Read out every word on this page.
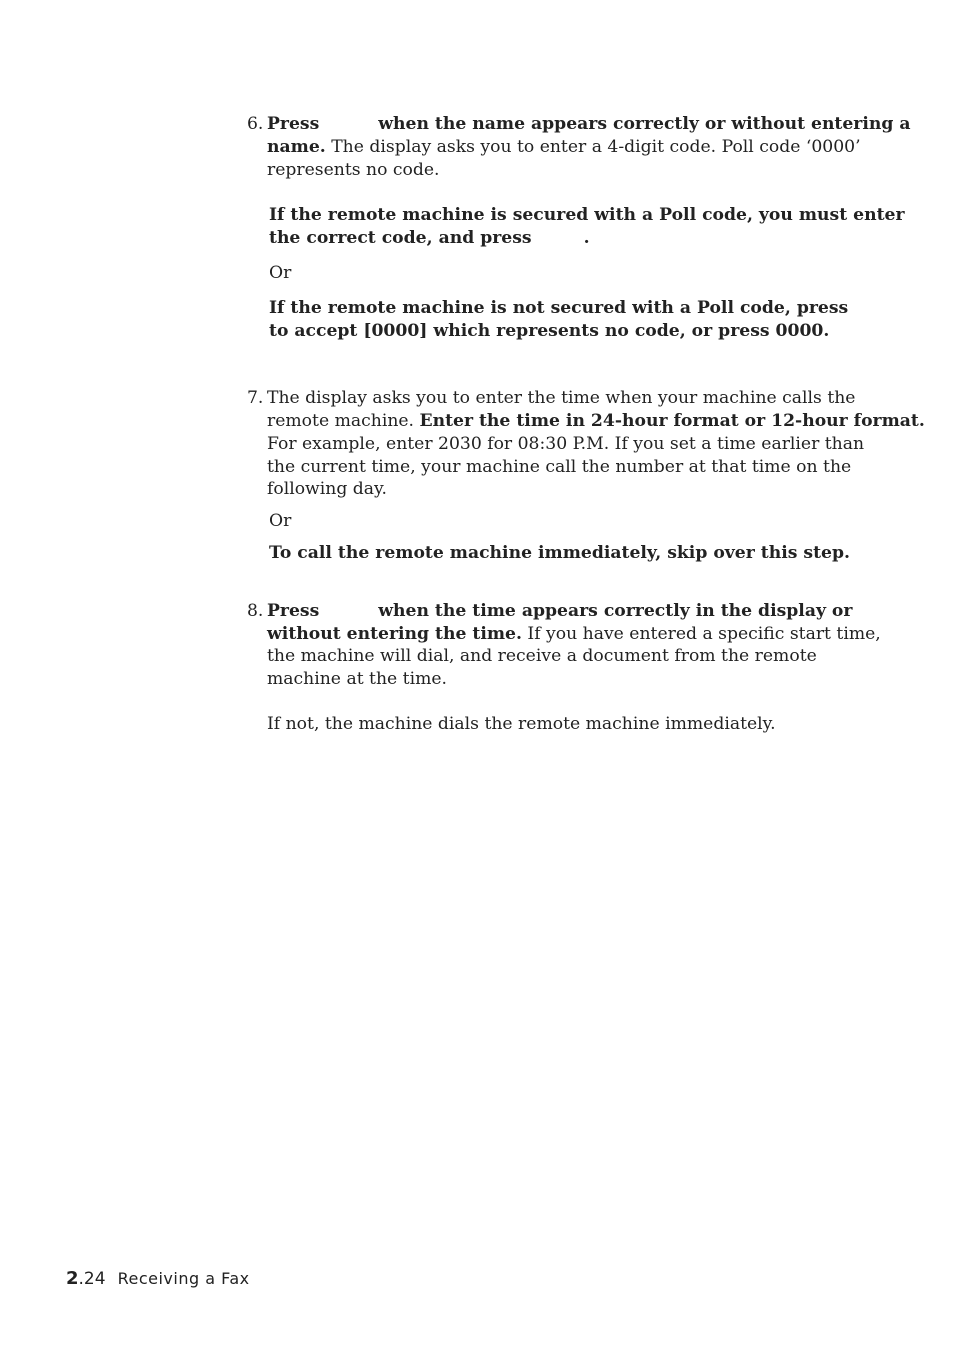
6. Press	when the name appears correctly or without entering a
name. The display asks you to enter a 4-digit code. Poll code ‘0000’
represents no code.
If the remote machine is secured with a Poll code, you must enter
the correct code, and press	.
Or
If the remote machine is not secured with a Poll code, press
to accept [0000] which represents no code, or press 0000.
7. The display asks you to enter the time when your machine calls the
remote machine. Enter the time in 24-hour format or 12-hour format.
For example, enter 2030 for 08:30 P.M. If you set a time earlier than
the current time, your machine call the number at that time on the
following day.
Or
To call the remote machine immediately, skip over this step.
8. Press	when the time appears correctly in the display or
without entering the time. If you have entered a specific start time,
the machine will dial, and receive a document from the remote
machine at the time.
If not, the machine dials the remote machine immediately.
2.24 Receiving a Fax
